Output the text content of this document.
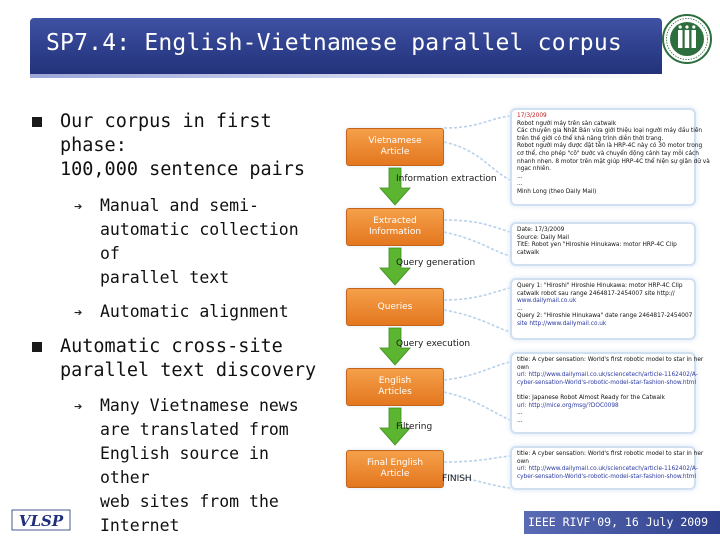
SP7.4: English-Vietnamese parallel corpus
Our corpus in first phase:
100,000 sentence pairs
➔ Manual and semi-
automatic collection of
parallel text
➔ Automatic alignment
Automatic cross-site
parallel text discovery
➔ Many Vietnamese news
are translated from
English source in other
web sites from the
Internet
Vietnamese
Article
Information extraction
Extracted
Information
Query generation
Queries
Query execution
English
Articles
Filtering
Final English
Article	FINISH
17/3/2009
Robot người máy trên sàn catwalk
Các chuyên gia Nhật Bản vừa giới thiệu loại người máy đầu tiên
trên thế giới có thể khả năng trình diễn thời trang.
Robot người máy được đặt tên là HRP-4C này có 30 motor trong
cơ thể, cho phép "cô" bước và chuyển động cánh tay mỗi cách
nhanh nhẹn. 8 motor trên mặt giúp HRP-4C thể hiện sự giận dữ và
ngạc nhiên.
...
...
Minh Long (theo Daily Mail)
Date: 17/3/2009
Source: Daily Mail
TitE: Robot yen "Hiroshie Hinukawa: motor HRP-4C Clip
catwalk
Query 1: "Hiroshi" Hiroshie Hinukawa: motor HRP-4C Clip
catwalk robot sau range 2464817-2454007 site http://
www.dailymail.co.uk
...
Query 2: "Hiroshie Hinukawa" date range 2464817-2454007
site http://www.dailymail.co.uk
title: A cyber sensation: World's first robotic model to star in her
own
url: http://www.dailymail.co.uk/sciencetech/article-1162402/A-
cyber-sensation-World's-robotic-model-star-fashion-show.html

title: Japanese Robot Almost Ready for the Catwalk
url: http://mice.org/msg/?DOC0098
...
...
title: A cyber sensation: World's first robotic model to star in her
own
url: http://www.dailymail.co.uk/sciencetech/article-1162402/A-
cyber-sensation-World's-robotic-model-star-fashion-show.html
VLSP	IEEE RIVF'09, 16 July 2009
